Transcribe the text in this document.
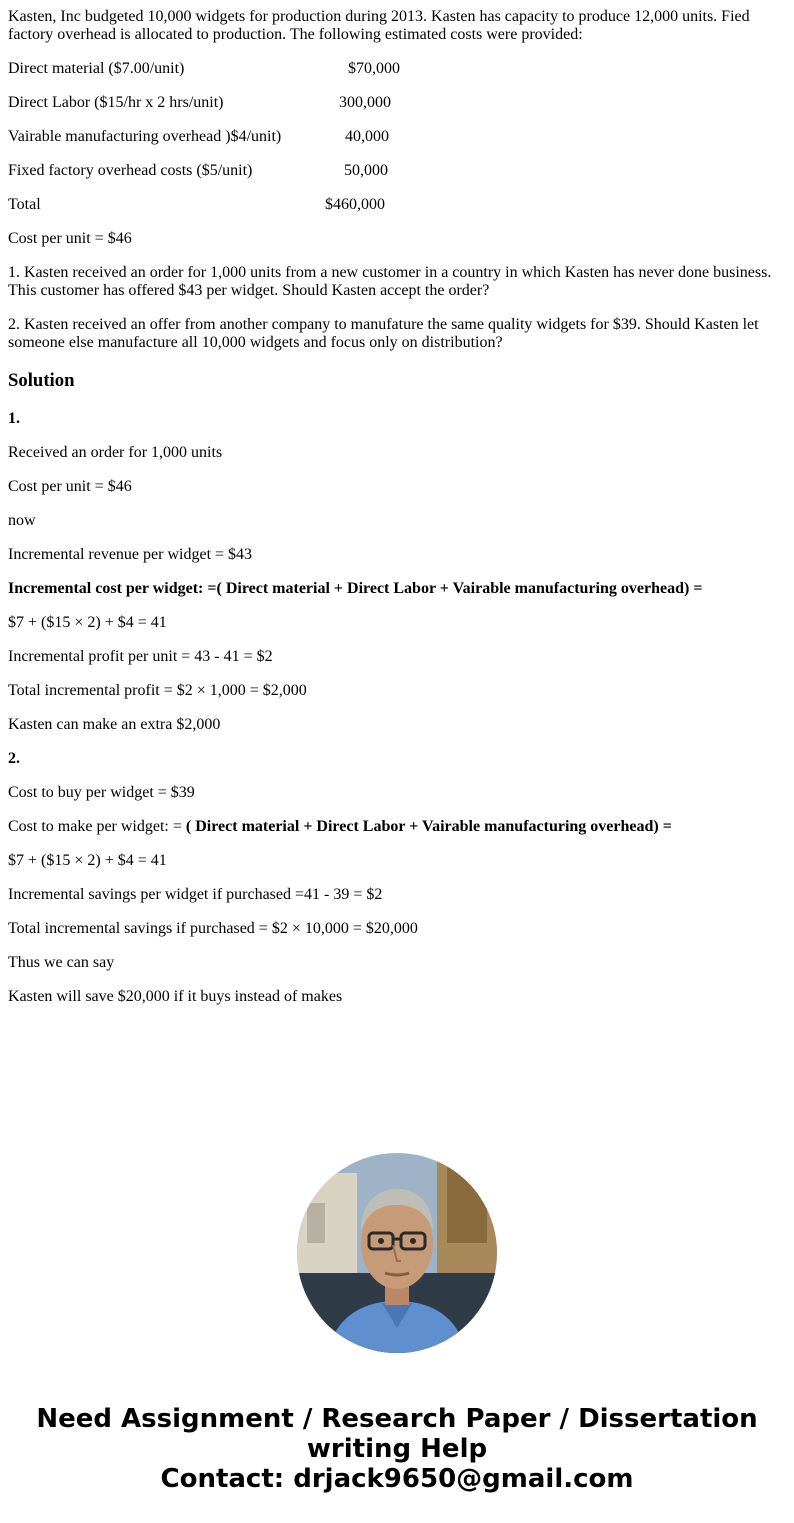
Kasten, Inc budgeted 10,000 widgets for production during 2013. Kasten has capacity to produce 12,000 units. Fied factory overhead is allocated to production. The following estimated costs were provided:

Direct material ($7.00/unit)	$70,000
Direct Labor ($15/hr x 2 hrs/unit)	300,000
Vairable manufacturing overhead )$4/unit)	40,000
Fixed factory overhead costs ($5/unit)	50,000
Total	$460,000

Cost per unit = $46

1. Kasten received an order for 1,000 units from a new customer in a country in which Kasten has never done business. This customer has offered $43 per widget. Should Kasten accept the order?

2. Kasten received an offer from another company to manufature the same quality widgets for $39. Should Kasten let someone else manufacture all 10,000 widgets and focus only on distribution?

Solution

1.

Received an order for 1,000 units

Cost per unit = $46

now

Incremental revenue per widget = $43

Incremental cost per widget: =( Direct material + Direct Labor + Vairable manufacturing overhead) =

$7 + ($15 × 2) + $4 = 41

Incremental profit per unit = 43 - 41 = $2

Total incremental profit = $2 × 1,000 = $2,000

Kasten can make an extra $2,000

2.

Cost to buy per widget = $39

Cost to make per widget: = ( Direct material + Direct Labor + Vairable manufacturing overhead) =

$7 + ($15 × 2) + $4 = 41

Incremental savings per widget if purchased =41 - 39 = $2

Total incremental savings if purchased = $2 × 10,000 = $20,000

Thus we can say

Kasten will save $20,000 if it buys instead of makes

Need Assignment / Research Paper / Dissertation
writing Help
Contact: drjack9650@gmail.com
